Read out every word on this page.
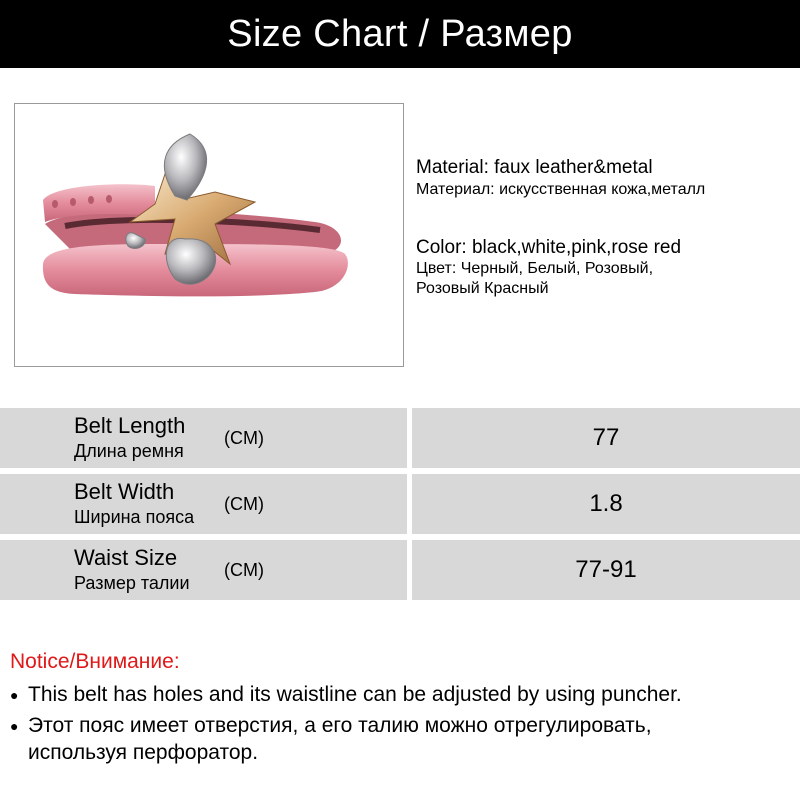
Size Chart / Размер
Material: faux leather&metal
Материал: искусственная кожа,металл
Color: black,white,pink,rose red
Цвет: Черный, Белый, Розовый,
Розовый Красный
Belt Length
Длина ремня
(CM)	77
Belt Width
Ширина пояса
(CM)	1.8
Waist Size
Размер талии
(CM)	77-91
Notice/Внимание:
● This belt has holes and its waistline can be adjusted by using puncher.
● Этот пояс имеет отверстия, а его талию можно отрегулировать,
используя перфоратор.
